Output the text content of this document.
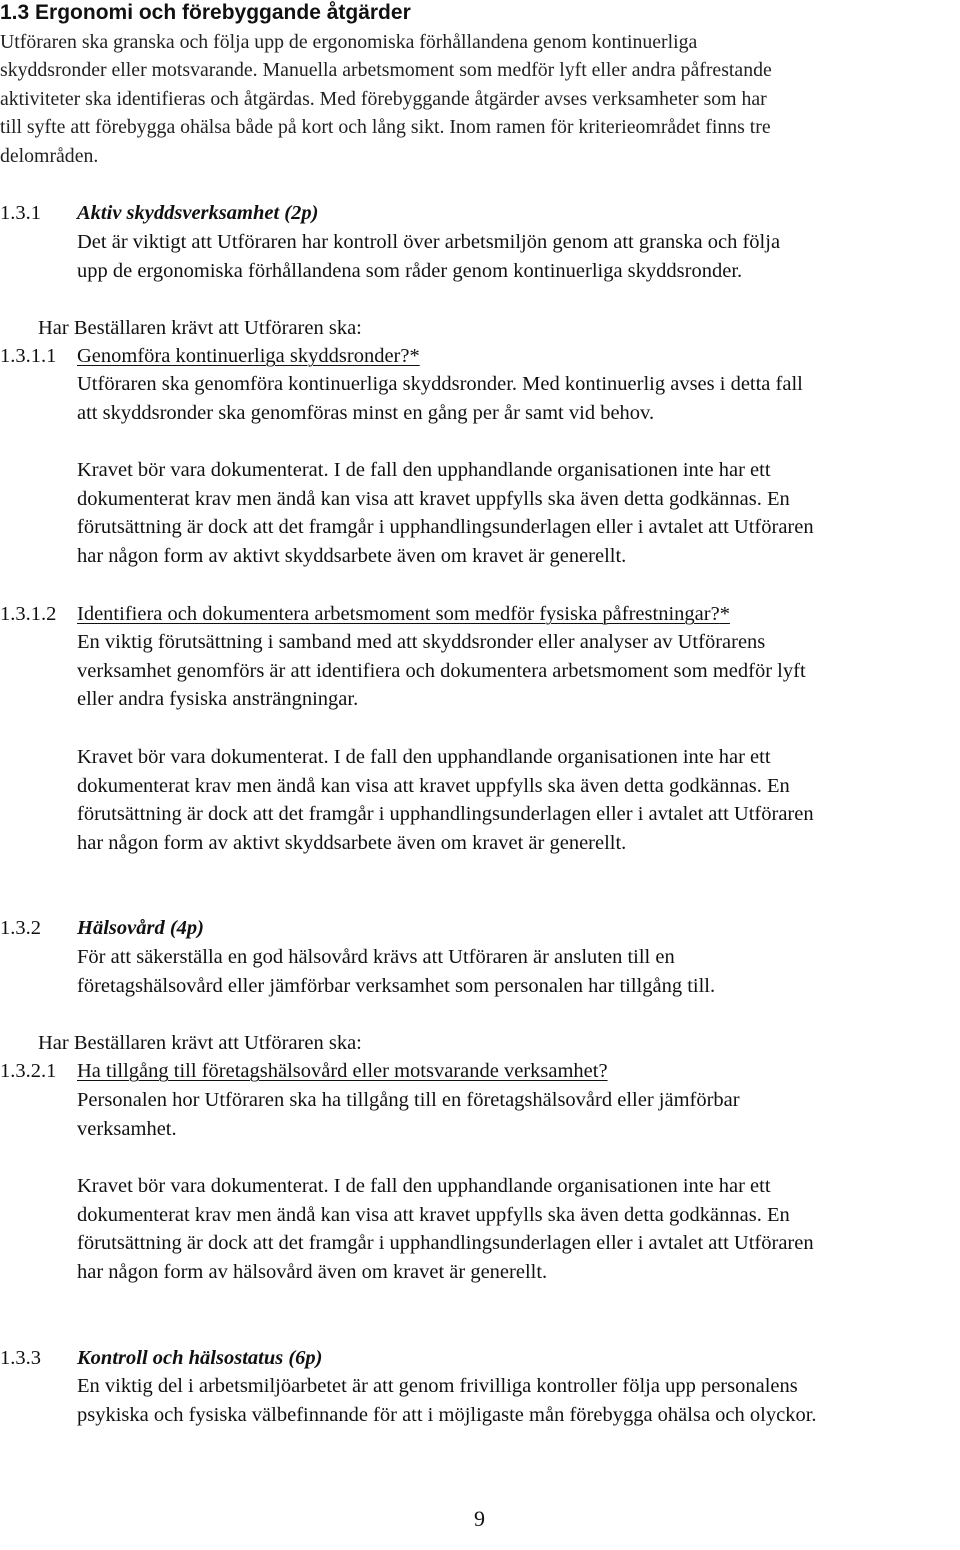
1.3 Ergonomi och förebyggande åtgärder
Utföraren ska granska och följa upp de ergonomiska förhållandena genom kontinuerliga
skyddsronder eller motsvarande. Manuella arbetsmoment som medför lyft eller andra påfrestande
aktiviteter ska identifieras och åtgärdas. Med förebyggande åtgärder avses verksamheter som har
till syfte att förebygga ohälsa både på kort och lång sikt. Inom ramen för kriterieområdet finns tre
delområden.
1.3.1 Aktiv skyddsverksamhet (2p)
Det är viktigt att Utföraren har kontroll över arbetsmiljön genom att granska och följa
upp de ergonomiska förhållandena som råder genom kontinuerliga skyddsronder.
Har Beställaren krävt att Utföraren ska:
1.3.1.1 Genomföra kontinuerliga skyddsronder?*
Utföraren ska genomföra kontinuerliga skyddsronder. Med kontinuerlig avses i detta fall
att skyddsronder ska genomföras minst en gång per år samt vid behov.
Kravet bör vara dokumenterat. I de fall den upphandlande organisationen inte har ett
dokumenterat krav men ändå kan visa att kravet uppfylls ska även detta godkännas. En
förutsättning är dock att det framgår i upphandlingsunderlagen eller i avtalet att Utföraren
har någon form av aktivt skyddsarbete även om kravet är generellt.
1.3.1.2 Identifiera och dokumentera arbetsmoment som medför fysiska påfrestningar?*
En viktig förutsättning i samband med att skyddsronder eller analyser av Utförarens
verksamhet genomförs är att identifiera och dokumentera arbetsmoment som medför lyft
eller andra fysiska ansträngningar.
Kravet bör vara dokumenterat. I de fall den upphandlande organisationen inte har ett
dokumenterat krav men ändå kan visa att kravet uppfylls ska även detta godkännas. En
förutsättning är dock att det framgår i upphandlingsunderlagen eller i avtalet att Utföraren
har någon form av aktivt skyddsarbete även om kravet är generellt.
1.3.2 Hälsovård (4p)
För att säkerställa en god hälsovård krävs att Utföraren är ansluten till en
företagshälsovård eller jämförbar verksamhet som personalen har tillgång till.
Har Beställaren krävt att Utföraren ska:
1.3.2.1 Ha tillgång till företagshälsovård eller motsvarande verksamhet?
Personalen hor Utföraren ska ha tillgång till en företagshälsovård eller jämförbar
verksamhet.
Kravet bör vara dokumenterat. I de fall den upphandlande organisationen inte har ett
dokumenterat krav men ändå kan visa att kravet uppfylls ska även detta godkännas. En
förutsättning är dock att det framgår i upphandlingsunderlagen eller i avtalet att Utföraren
har någon form av hälsovård även om kravet är generellt.
1.3.3 Kontroll och hälsostatus (6p)
En viktig del i arbetsmiljöarbetet är att genom frivilliga kontroller följa upp personalens
psykiska och fysiska välbefinnande för att i möjligaste mån förebygga ohälsa och olyckor.
9
